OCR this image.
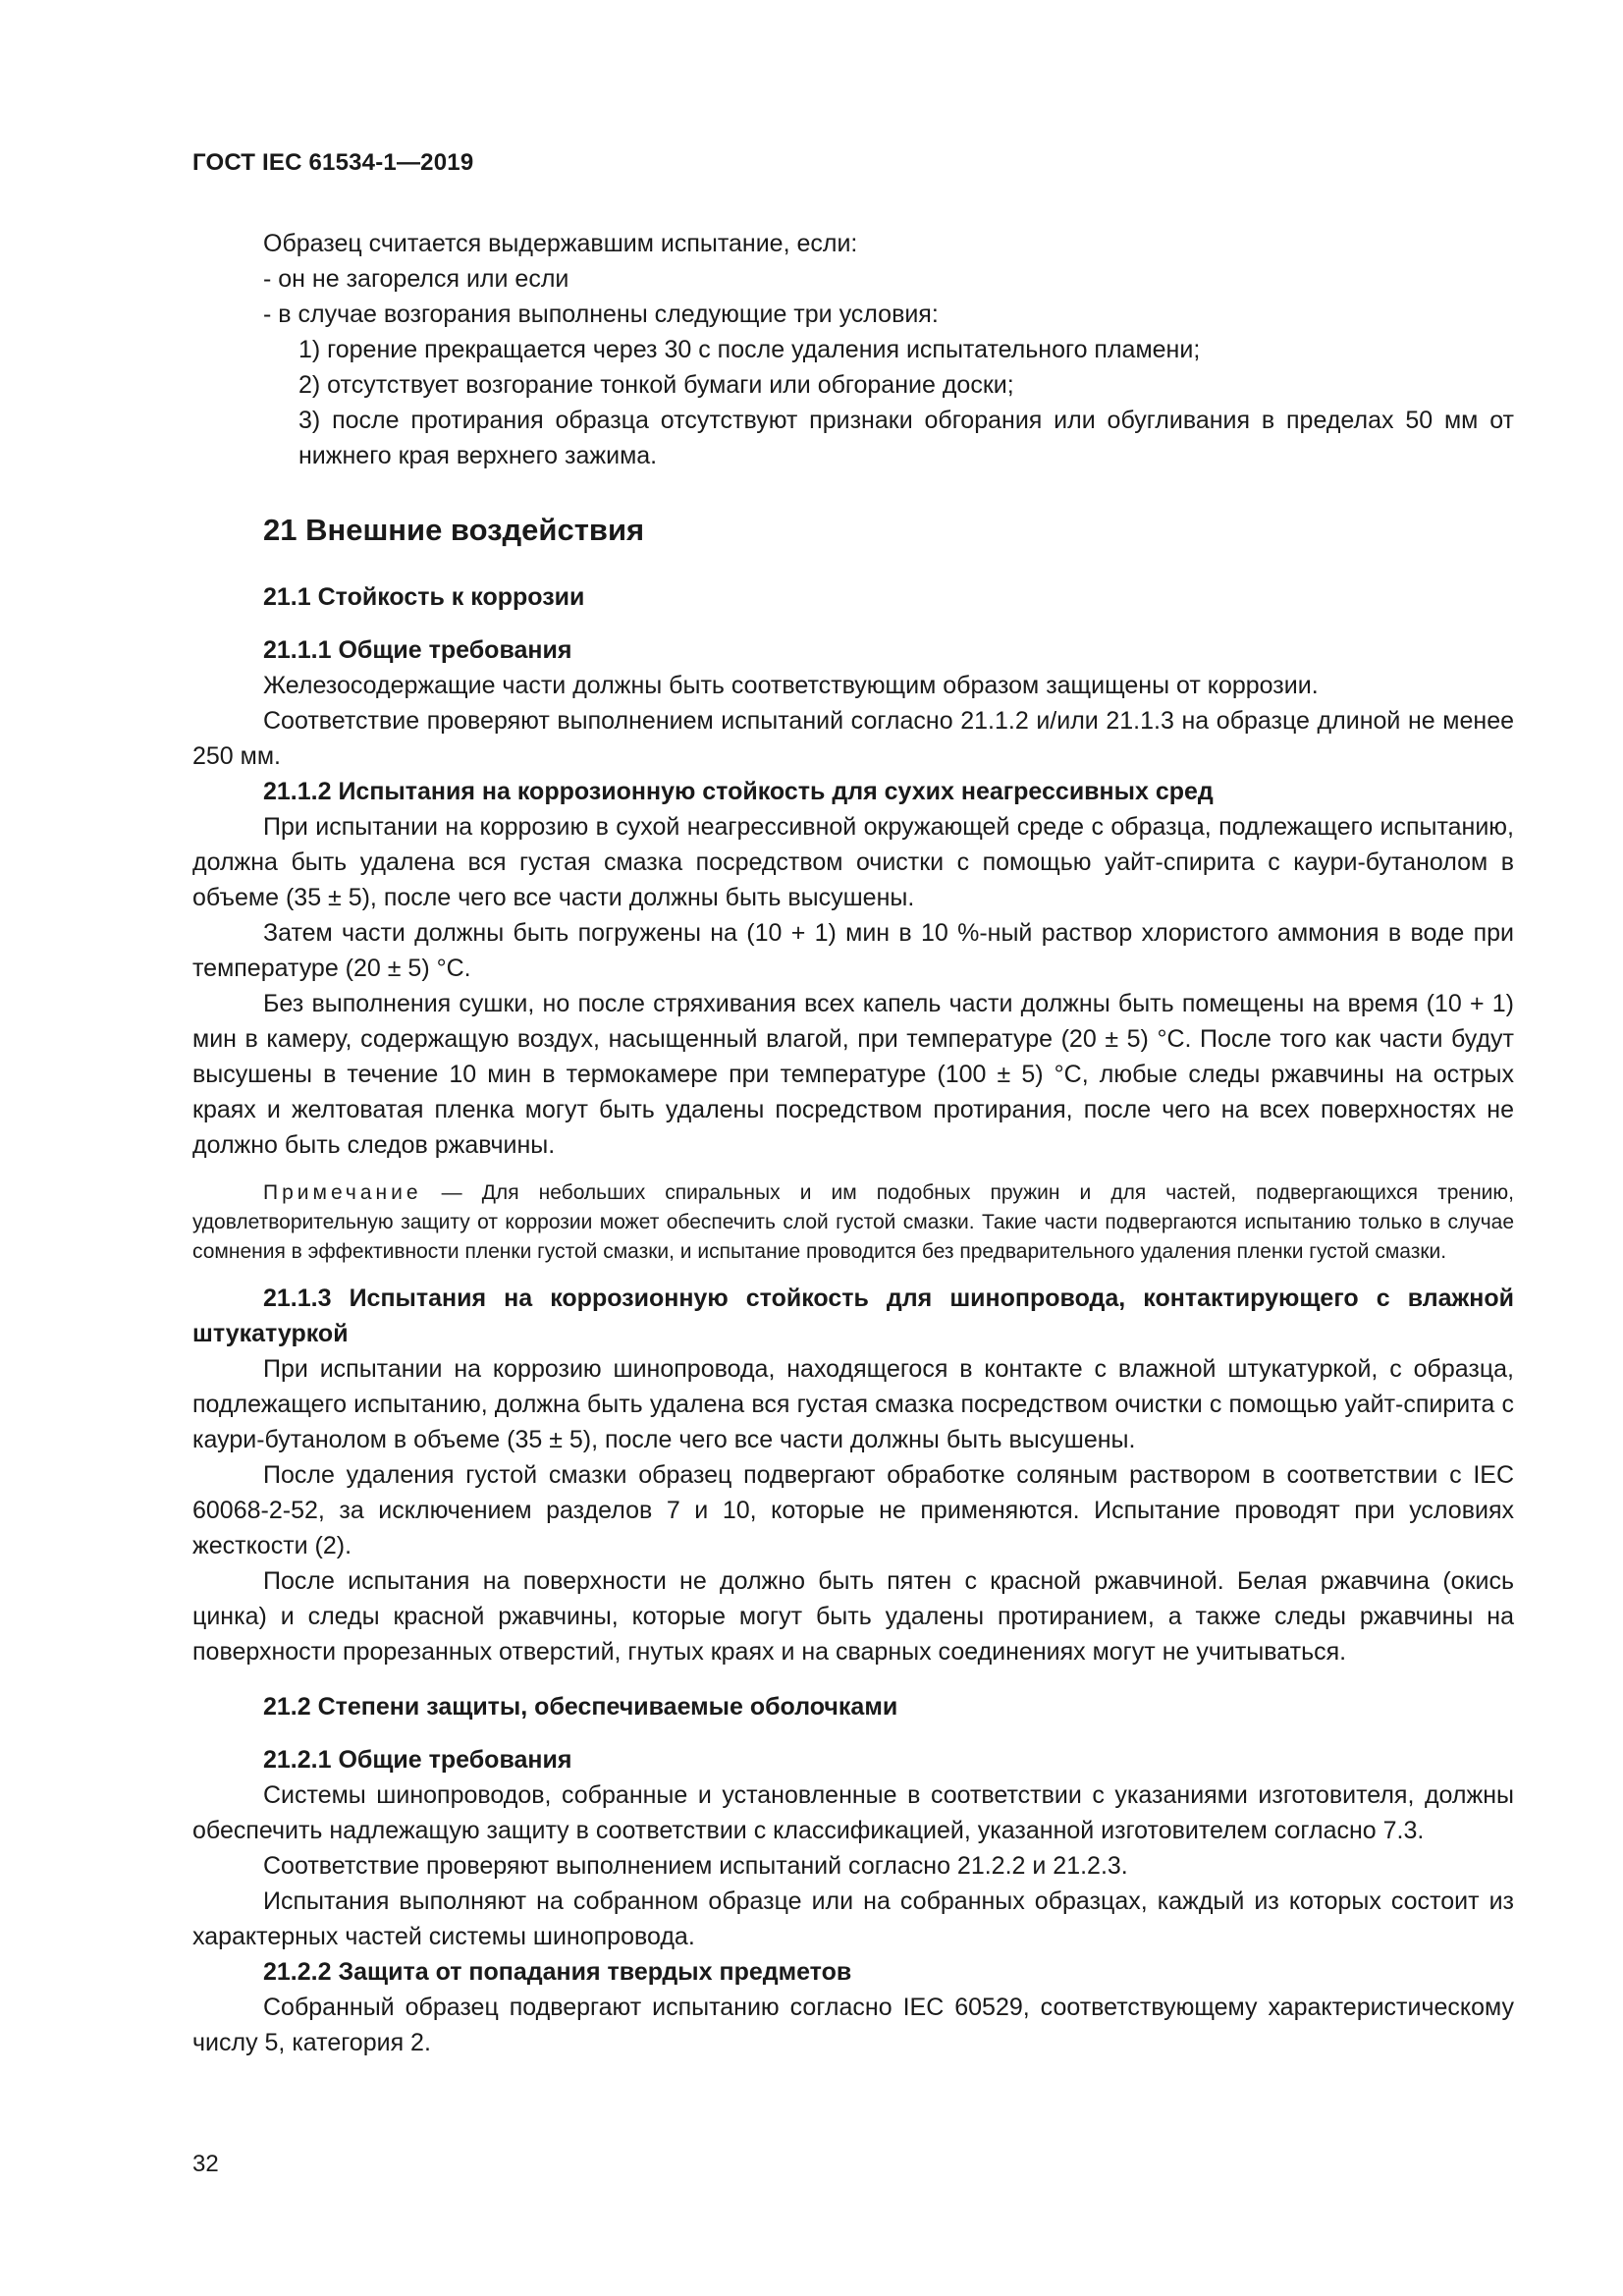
ГОСТ IEC 61534-1—2019

Образец считается выдержавшим испытание, если:

- он не загорелся или если

- в случае возгорания выполнены следующие три условия:

1) горение прекращается через 30 с после удаления испытательного пламени;

2) отсутствует возгорание тонкой бумаги или обгорание доски;

3) после протирания образца отсутствуют признаки обгорания или обугливания в пределах 50 мм от нижнего края верхнего зажима.

21 Внешние воздействия
21.1 Стойкость к коррозии

21.1.1 Общие требования

Железосодержащие части должны быть соответствующим образом защищены от коррозии.

Соответствие проверяют выполнением испытаний согласно 21.1.2 и/или 21.1.3 на образце длиной не менее 250 мм.

21.1.2 Испытания на коррозионную стойкость для сухих неагрессивных сред

При испытании на коррозию в сухой неагрессивной окружающей среде с образца, подлежащего испытанию, должна быть удалена вся густая смазка посредством очистки с помощью уайт-спирита с каури-бутанолом в объеме (35 ± 5), после чего все части должны быть высушены.

Затем части должны быть погружены на (10 + 1) мин в 10 %-ный раствор хлористого аммония в воде при температуре (20 ± 5) °C.

Без выполнения сушки, но после стряхивания всех капель части должны быть помещены на время (10 + 1) мин в камеру, содержащую воздух, насыщенный влагой, при температуре (20 ± 5) °C. После того как части будут высушены в течение 10 мин в термокамере при температуре (100 ± 5) °C, любые следы ржавчины на острых краях и желтоватая пленка могут быть удалены посредством протирания, после чего на всех поверхностях не должно быть следов ржавчины.

Примечание — Для небольших спиральных и им подобных пружин и для частей, подвергающихся трению, удовлетворительную защиту от коррозии может обеспечить слой густой смазки. Такие части подвергаются испытанию только в случае сомнения в эффективности пленки густой смазки, и испытание проводится без предварительного удаления пленки густой смазки.

21.1.3 Испытания на коррозионную стойкость для шинопровода, контактирующего с влажной штукатуркой

При испытании на коррозию шинопровода, находящегося в контакте с влажной штукатуркой, с образца, подлежащего испытанию, должна быть удалена вся густая смазка посредством очистки с помощью уайт-спирита с каури-бутанолом в объеме (35 ± 5), после чего все части должны быть высушены.

После удаления густой смазки образец подвергают обработке соляным раствором в соответствии с IEC 60068-2-52, за исключением разделов 7 и 10, которые не применяются. Испытание проводят при условиях жесткости (2).

После испытания на поверхности не должно быть пятен с красной ржавчиной. Белая ржавчина (окись цинка) и следы красной ржавчины, которые могут быть удалены протиранием, а также следы ржавчины на поверхности прорезанных отверстий, гнутых краях и на сварных соединениях могут не учитываться.

21.2 Степени защиты, обеспечиваемые оболочками

21.2.1 Общие требования

Системы шинопроводов, собранные и установленные в соответствии с указаниями изготовителя, должны обеспечить надлежащую защиту в соответствии с классификацией, указанной изготовителем согласно 7.3.

Соответствие проверяют выполнением испытаний согласно 21.2.2 и 21.2.3.

Испытания выполняют на собранном образце или на собранных образцах, каждый из которых состоит из характерных частей системы шинопровода.

21.2.2 Защита от попадания твердых предметов

Собранный образец подвергают испытанию согласно IEC 60529, соответствующему характеристическому числу 5, категория 2.

32
